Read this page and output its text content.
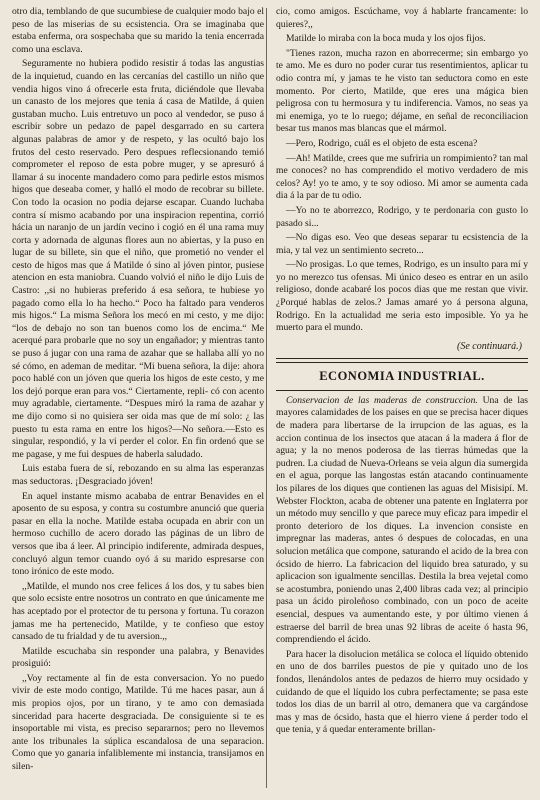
otro dia, temblando de que sucumbiese de cualquier modo bajo el peso de las miserias de su ecsistencia. Ora se imaginaba que estaba enferma, ora sospechaba que su marido la tenia encerrada como una esclava.

Seguramente no hubiera podido resistir á todas las angustias de la inquietud, cuando en las cercanías del castillo un niño que vendia higos vino á ofrecerle esta fruta, diciéndole que llevaba un canasto de los mejores que tenia á casa de Matilde, á quien gustaban mucho. Luis entretuvo un poco al vendedor, se puso á escribir sobre un pedazo de papel desgarrado en su cartera algunas palabras de amor y de respeto, y las ocultó bajo los frutos del cesto reservado. Pero despues reflecsionando temió comprometer el reposo de esta pobre muger, y se apresuró á llamar á su inocente mandadero como para pedirle estos mismos higos que deseaba comer, y halló el modo de recobrar su billete. Con todo la ocasion no podia dejarse escapar. Cuando luchaba contra sí mismo acabando por una inspiracion repentina, corrió hácia un naranjo de un jardín vecino i cogió en él una rama muy corta y adornada de algunas flores aun no abiertas, y la puso en lugar de su billete, sin que el niño, que prometió no vender el cesto de higos mas que á Matilde ó sino al jóven pintor, pusiese atencion en esta maniobra. Cuando volvió el niño le dijo Luis de Castro: ,,si no hubieras preferido á esa señora, te hubiese yo pagado como ella lo ha hecho.“ Poco ha faltado para venderos mis higos.“ La misma Señora los mecó en mi cesto, y me dijo: “los de debajo no son tan buenos como los de encima.“ Me acerqué para probarle que no soy un engañador; y mientras tanto se puso á jugar con una rama de azahar que se hallaba allí yo no sé cómo, en ademan de meditar. “Mi buena señora, la dije: ahora poco hablé con un jóven que queria los higos de este cesto, y me los dejó porque eran para vos.“ Ciertamente, repli- có con acento muy agradable, ciertamente. “Despues miró la rama de azahar y me dijo como si no quisiera ser oida mas que de mí solo: ¿ las puesto tu esta rama en entre los higos?—No señora.—Esto es singular, respondió, y la vi perder el color. En fin ordenó que se me pagase, y me fui despues de haberla saludado.

Luis estaba fuera de sí, rebozando en su alma las esperanzas mas seductoras. ¡Desgraciado jóven!

En aquel instante mismo acababa de entrar Benavides en el aposento de su esposa, y contra su costumbre anunció que queria pasar en ella la noche. Matilde estaba ocupada en abrir con un hermoso cuchillo de acero dorado las páginas de un libro de versos que iba á leer. Al principio indiferente, admirada despues, concluyó algun temor cuando oyó á su marido espresarse con tono irónico de este modo.

,,Matilde, el mundo nos cree felices á los dos, y tu sabes bien que solo ecsiste entre nosotros un contrato en que únicamente me has aceptado por el protector de tu persona y fortuna. Tu corazon jamas me ha pertenecido, Matilde, y te confieso que estoy cansado de tu frialdad y de tu aversion.,,

Matilde escuchaba sin responder una palabra, y Benavides prosiguió:

,,Voy rectamente al fin de esta conversacion. Yo no puedo vivir de este modo contigo, Matilde. Tú me haces pasar, aun á mis propios ojos, por un tirano, y te amo con demasiada sinceridad para hacerte desgraciada. De consiguiente si te es insoportable mi vista, es preciso separarnos; pero no llevemos ante los tribunales la súplica escandalosa de una separacion. Como que yo ganaria infaliblemente mi instancia, transijamos en silen-

cio, como amigos. Escúchame, voy á hablarte francamente: lo quieres?,,

Matilde lo miraba con la boca muda y los ojos fijos.

"Tienes razon, mucha razon en aborrecerme; sin embargo yo te amo. Me es duro no poder curar tus resentimientos, aplicar tu odio contra mí, y jamas te he visto tan seductora como en este momento. Por cierto, Matilde, que eres una mágica bien peligrosa con tu hermosura y tu indiferencia. Vamos, no seas ya mi enemiga, yo te lo ruego; déjame, en señal de reconciliacion besar tus manos mas blancas que el mármol.

—Pero, Rodrigo, cuál es el objeto de esta escena?

—Ah! Matilde, crees que me sufriria un rompimiento? tan mal me conoces? no has comprendido el motivo verdadero de mis celos? Ay! yo te amo, y te soy odioso. Mi amor se aumenta cada dia á la par de tu odio.

—Yo no te aborrezco, Rodrigo, y te perdonaria con gusto lo pasado si...

—No digas eso. Veo que deseas separar tu ecsistencia de la mia, y tal vez un sentimiento secreto...

—No prosigas. Lo que temes, Rodrigo, es un insulto para mí y yo no merezco tus ofensas. Mi único deseo es entrar en un asilo religioso, donde acabaré los pocos dias que me restan que vivir. ¿Porqué hablas de zelos.? Jamas amaré yo á persona alguna, Rodrigo. En la actualidad me seria esto imposible. Yo ya he muerto para el mundo.

(Se continuará.)
ECONOMIA INDUSTRIAL.

Conservacion de las maderas de construccion. Una de las mayores calamidades de los paises en que se precisa hacer diques de madera para libertarse de la irrupcion de las aguas, es la accion continua de los insectos que atacan á la madera á flor de agua; y la no menos poderosa de las tierras húmedas que la pudren. La ciudad de Nueva-Orleans se veia algun dia sumergida en el agua, porque las langostas están atacando continuamente los pilares de los diques que contienen las aguas del Misisipí. M. Webster Flockton, acaba de obtener una patente en Inglaterra por un método muy sencillo y que parece muy eficaz para impedir el pronto deterioro de los diques. La invencion consiste en impregnar las maderas, antes ó despues de colocadas, en una solucion metálica que compone, saturando el acido de la brea con ócsido de hierro. La fabricacion del liquido brea saturado, y su aplicacion son igualmente sencillas. Destila la brea vejetal como se acostumbra, poniendo unas 2,400 libras cada vez; al principio pasa un ácido piroleñoso combinado, con un poco de aceite esencial, despues va aumentando este, y por último vienen á estraerse del barril de brea unas 92 libras de aceite ó hasta 96, comprendiendo el ácido.

Para hacer la disolucion metálica se coloca el líquido obtenido en uno de dos barriles puestos de pie y quitado uno de los fondos, llenándolos antes de pedazos de hierro muy ocsidado y cuidando de que el líquido los cubra perfectamente; se pasa este todos los dias de un barril al otro, demanera que va cargándose mas y mas de ócsido, hasta que el hierro viene á perder todo el que tenia, y á quedar enteramente brillan-
